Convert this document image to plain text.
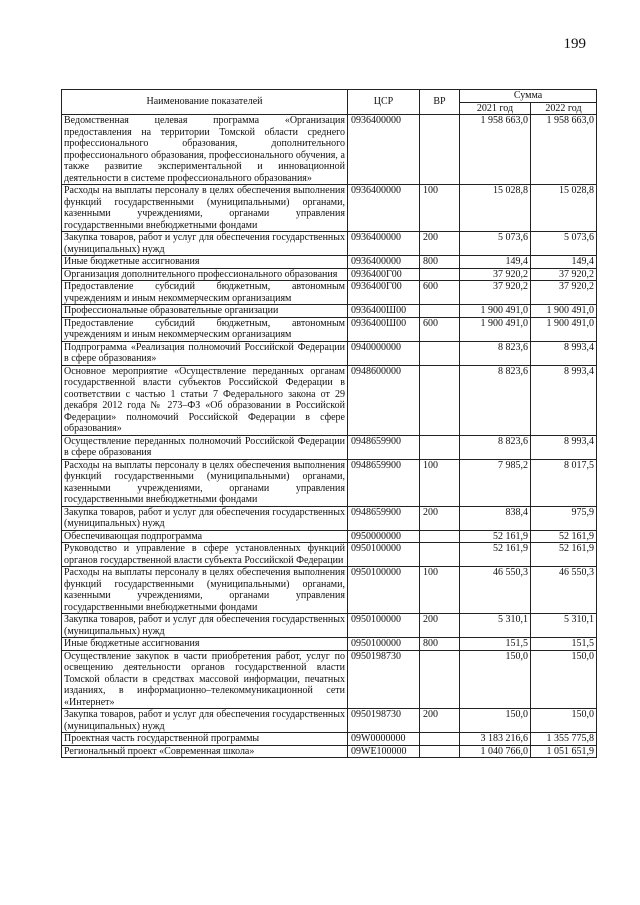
199
Наименование показателей	ЦСР	ВР	Сумма	
			2021 год	2022 год
Ведомственная целевая программа «Организация предоставления на территории Томской области среднего профессионального образования, дополнительного профессионального образования, профессионального обучения, а также развитие экспериментальной и инновационной деятельности в системе профессионального образования»	0936400000		1 958 663,0	1 958 663,0
Расходы на выплаты персоналу в целях обеспечения выполнения функций государственными (муниципальными) органами, казенными учреждениями, органами управления государственными внебюджетными фондами	0936400000	100	15 028,8	15 028,8
Закупка товаров, работ и услуг для обеспечения государственных (муниципальных) нужд	0936400000	200	5 073,6	5 073,6
Иные бюджетные ассигнования	0936400000	800	149,4	149,4
Организация дополнительного профессионального образования	0936400Г00		37 920,2	37 920,2
Предоставление субсидий бюджетным, автономным учреждениям и иным некоммерческим организациям	0936400Г00	600	37 920,2	37 920,2
Профессиональные образовательные организации	0936400Ш00		1 900 491,0	1 900 491,0
Предоставление субсидий бюджетным, автономным учреждениям и иным некоммерческим организациям	0936400Ш00	600	1 900 491,0	1 900 491,0
Подпрограмма «Реализация полномочий Российской Федерации в сфере образования»	0940000000		8 823,6	8 993,4
Основное мероприятие «Осуществление переданных органам государственной власти субъектов Российской Федерации в соответствии с частью 1 статьи 7 Федерального закона от 29 декабря 2012 года № 273–ФЗ «Об образовании в Российской Федерации» полномочий Российской Федерации в сфере образования»	0948600000		8 823,6	8 993,4
Осуществление переданных полномочий Российской Федерации в сфере образования	0948659900		8 823,6	8 993,4
Расходы на выплаты персоналу в целях обеспечения выполнения функций государственными (муниципальными) органами, казенными учреждениями, органами управления государственными внебюджетными фондами	0948659900	100	7 985,2	8 017,5
Закупка товаров, работ и услуг для обеспечения государственных (муниципальных) нужд	0948659900	200	838,4	975,9
Обеспечивающая подпрограмма	0950000000		52 161,9	52 161,9
Руководство и управление в сфере установленных функций органов государственной власти субъекта Российской Федерации	0950100000		52 161,9	52 161,9
Расходы на выплаты персоналу в целях обеспечения выполнения функций государственными (муниципальными) органами, казенными учреждениями, органами управления государственными внебюджетными фондами	0950100000	100	46 550,3	46 550,3
Закупка товаров, работ и услуг для обеспечения государственных (муниципальных) нужд	0950100000	200	5 310,1	5 310,1
Иные бюджетные ассигнования	0950100000	800	151,5	151,5
Осуществление закупок в части приобретения работ, услуг по освещению деятельности органов государственной власти Томской области в средствах массовой информации, печатных изданиях, в информационно–телекоммуникационной сети «Интернет»	0950198730		150,0	150,0
Закупка товаров, работ и услуг для обеспечения государственных (муниципальных) нужд	0950198730	200	150,0	150,0
Проектная часть государственной программы	09W0000000		3 183 216,6	1 355 775,8
Региональный проект «Современная школа»	09WE100000		1 040 766,0	1 051 651,9
